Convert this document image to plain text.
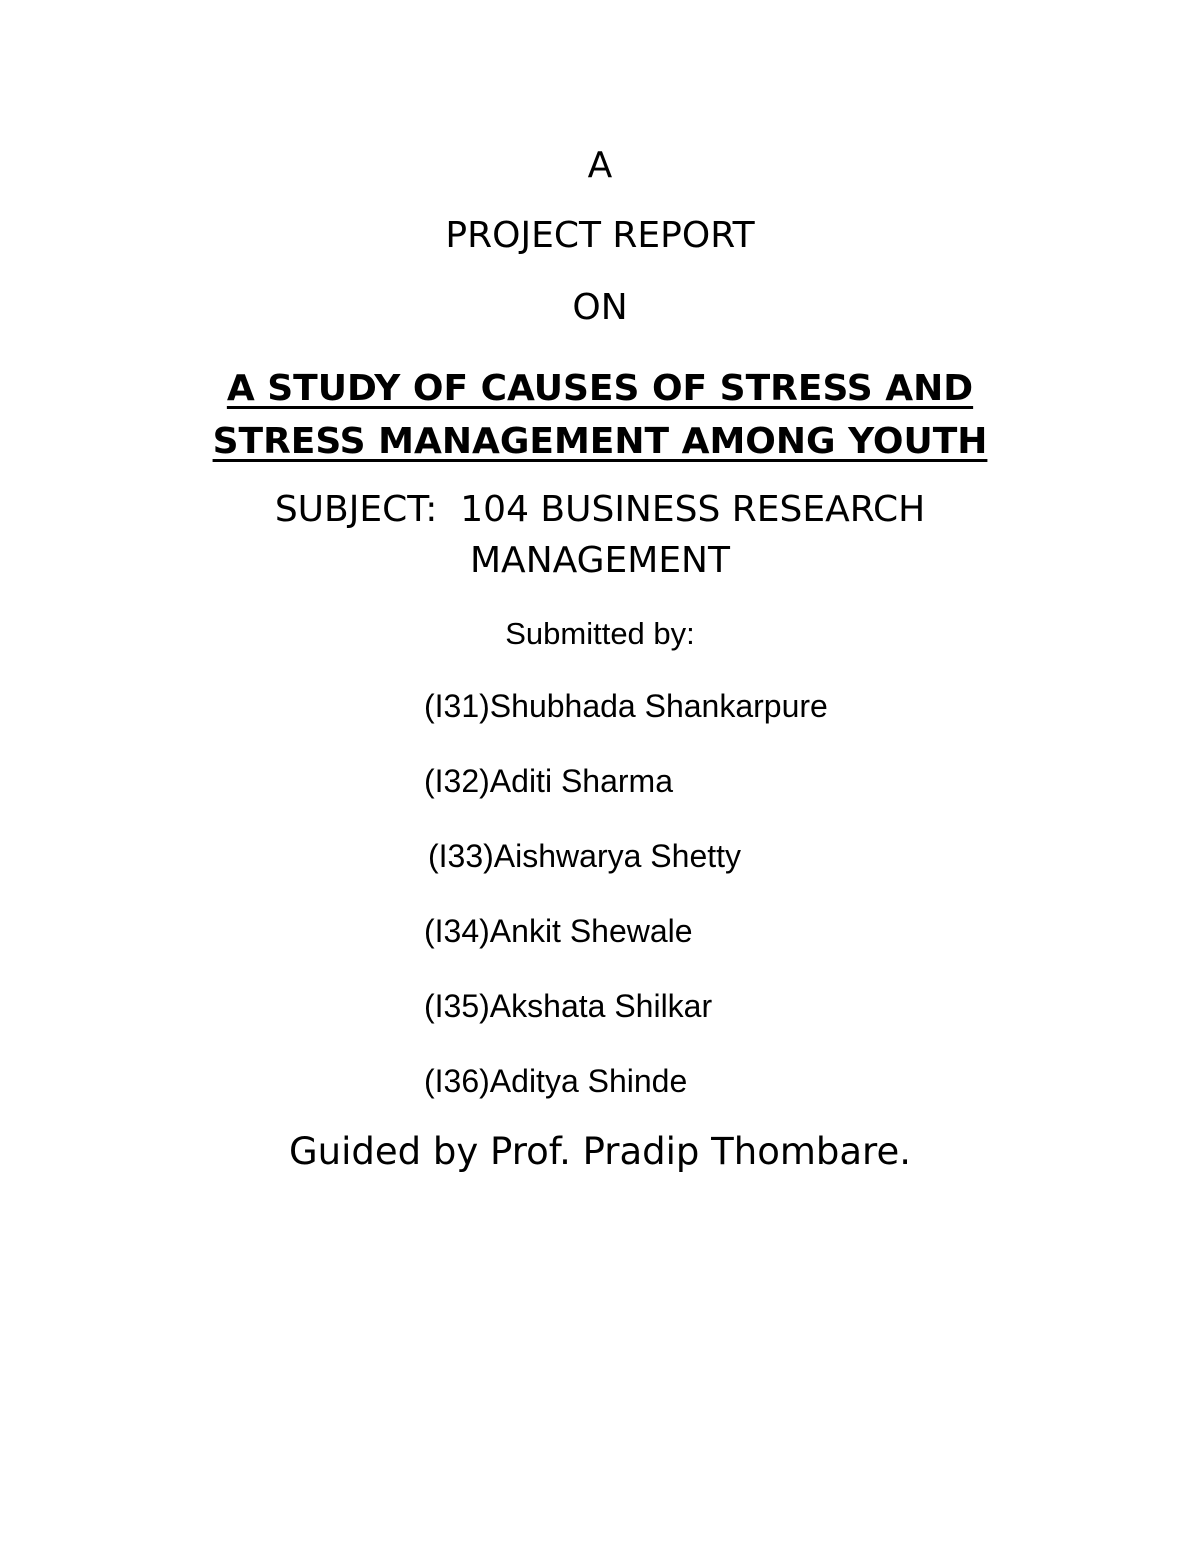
A
PROJECT REPORT
ON
A STUDY OF CAUSES OF STRESS AND
STRESS MANAGEMENT AMONG YOUTH
SUBJECT:  104 BUSINESS RESEARCH
MANAGEMENT
Submitted by:
(I31)Shubhada Shankarpure
(I32)Aditi Sharma
(I33)Aishwarya Shetty
(I34)Ankit Shewale
(I35)Akshata Shilkar
(I36)Aditya Shinde
Guided by Prof. Pradip Thombare.
